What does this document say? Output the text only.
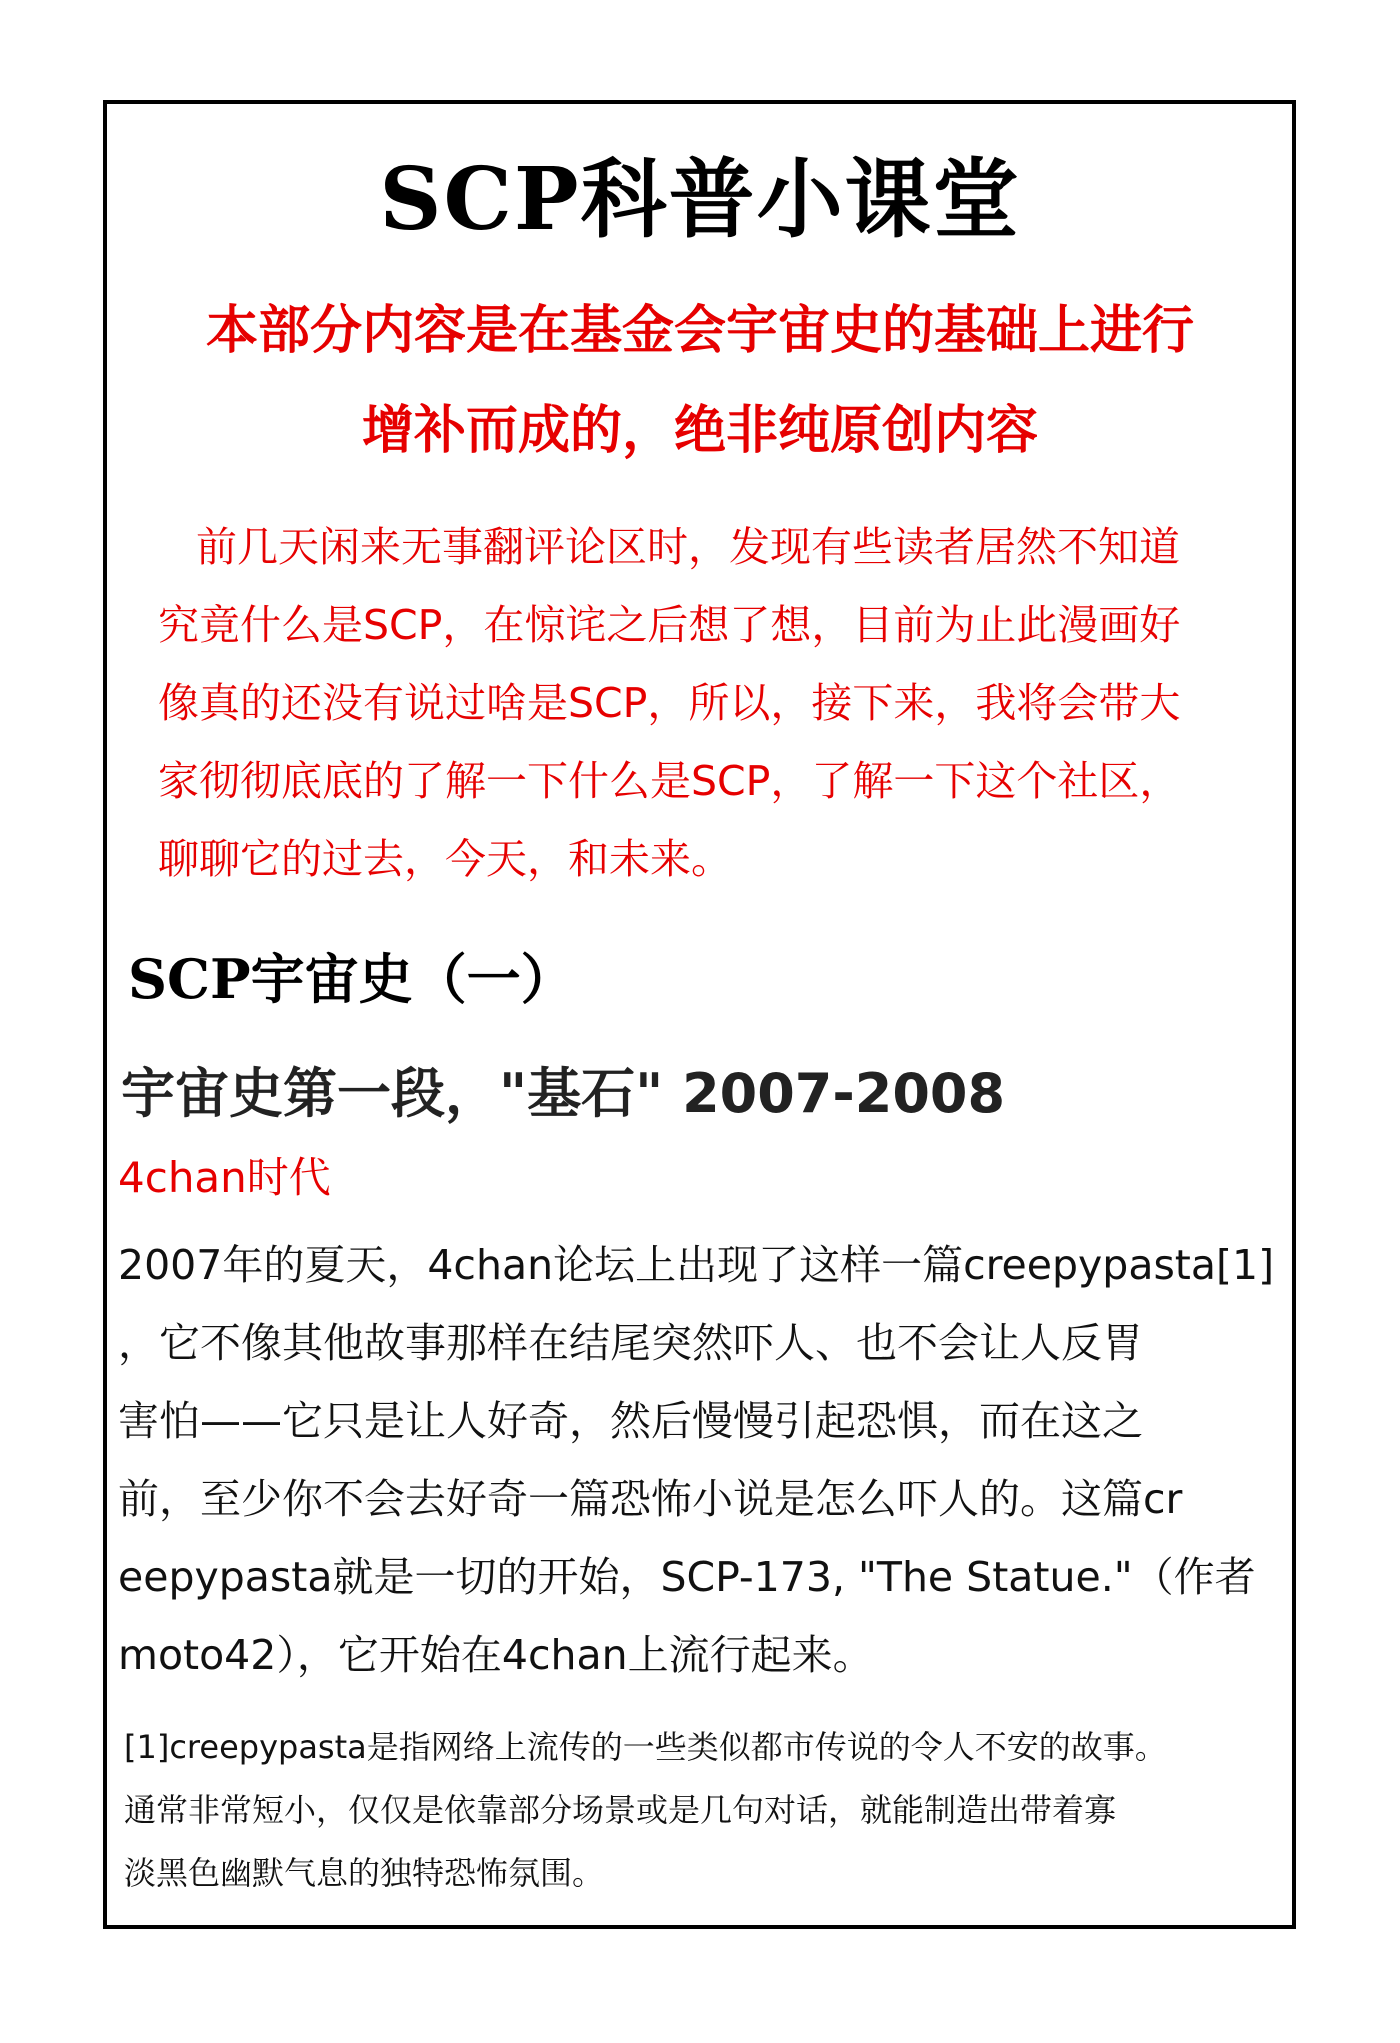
SCP科普小课堂

本部分内容是在基金会宇宙史的基础上进行

增补而成的，绝非纯原创内容

前几天闲来无事翻评论区时，发现有些读者居然不知道

究竟什么是SCP，在惊诧之后想了想，目前为止此漫画好

像真的还没有说过啥是SCP，所以，接下来，我将会带大

家彻彻底底的了解一下什么是SCP，了解一下这个社区，

聊聊它的过去，今天，和未来。

SCP宇宙史（一）
宇宙史第一段，"基石" 2007-2008

4chan时代

2007年的夏天，4chan论坛上出现了这样一篇creepypasta[1]

，它不像其他故事那样在结尾突然吓人、也不会让人反胃

害怕——它只是让人好奇，然后慢慢引起恐惧，而在这之

前，至少你不会去好奇一篇恐怖小说是怎么吓人的。这篇cr

eepypasta就是一切的开始，SCP-173, "The Statue."（作者

moto42），它开始在4chan上流行起来。

[1]creepypasta是指网络上流传的一些类似都市传说的令人不安的故事。

通常非常短小，仅仅是依靠部分场景或是几句对话，就能制造出带着寡

淡黑色幽默气息的独特恐怖氛围。
